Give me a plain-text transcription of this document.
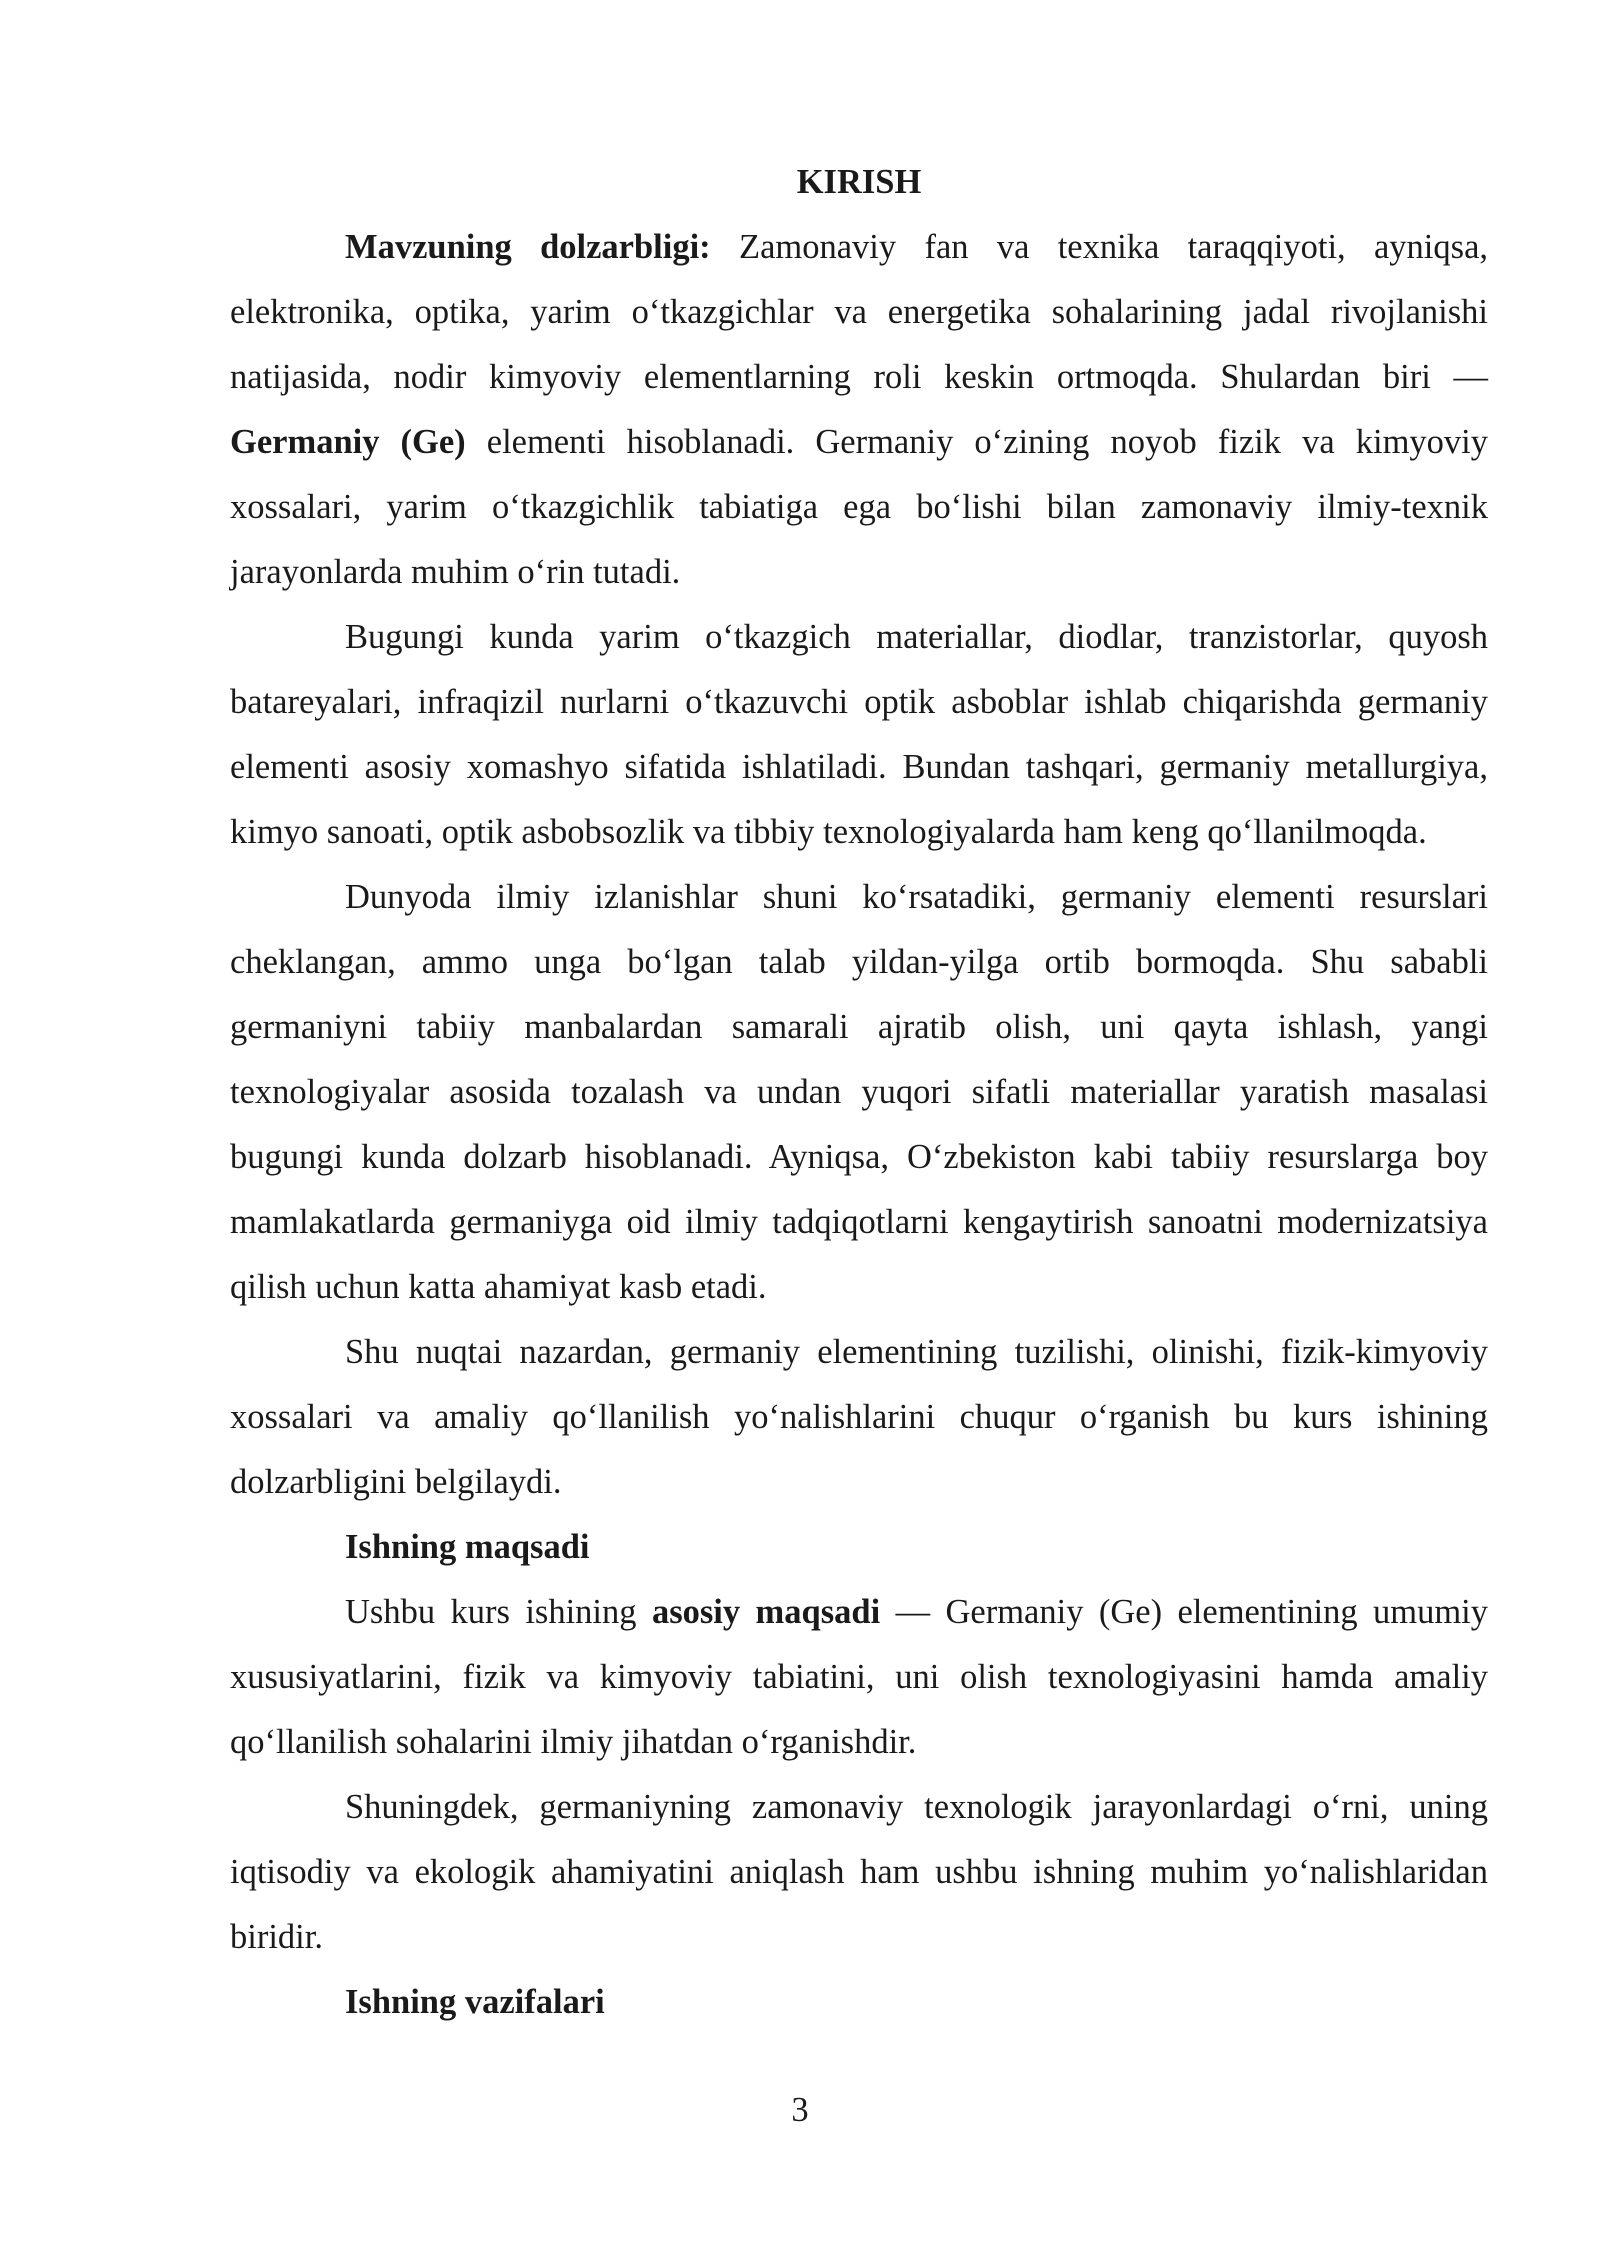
KIRISH

Mavzuning dolzarbligi: Zamonaviy fan va texnika taraqqiyoti, ayniqsa, elektronika, optika, yarim o‘tkazgichlar va energetika sohalarining jadal rivojlanishi natijasida, nodir kimyoviy elementlarning roli keskin ortmoqda. Shulardan biri — Germaniy (Ge) elementi hisoblanadi. Germaniy o‘zining noyob fizik va kimyoviy xossalari, yarim o‘tkazgichlik tabiatiga ega bo‘lishi bilan zamonaviy ilmiy-texnik jarayonlarda muhim o‘rin tutadi.

Bugungi kunda yarim o‘tkazgich materiallar, diodlar, tranzistorlar, quyosh batareyalari, infraqizil nurlarni o‘tkazuvchi optik asboblar ishlab chiqarishda germaniy elementi asosiy xomashyo sifatida ishlatiladi. Bundan tashqari, germaniy metallurgiya, kimyo sanoati, optik asbobsozlik va tibbiy texnologiyalarda ham keng qo‘llanilmoqda.

Dunyoda ilmiy izlanishlar shuni ko‘rsatadiki, germaniy elementi resurslari cheklangan, ammo unga bo‘lgan talab yildan-yilga ortib bormoqda. Shu sababli germaniyni tabiiy manbalardan samarali ajratib olish, uni qayta ishlash, yangi texnologiyalar asosida tozalash va undan yuqori sifatli materiallar yaratish masalasi bugungi kunda dolzarb hisoblanadi. Ayniqsa, O‘zbekiston kabi tabiiy resurslarga boy mamlakatlarda germaniyga oid ilmiy tadqiqotlarni kengaytirish sanoatni modernizatsiya qilish uchun katta ahamiyat kasb etadi.

Shu nuqtai nazardan, germaniy elementining tuzilishi, olinishi, fizik-kimyoviy xossalari va amaliy qo‘llanilish yo‘nalishlarini chuqur o‘rganish bu kurs ishining dolzarbligini belgilaydi.

Ishning maqsadi

Ushbu kurs ishining asosiy maqsadi — Germaniy (Ge) elementining umumiy xususiyatlarini, fizik va kimyoviy tabiatini, uni olish texnologiyasini hamda amaliy qo‘llanilish sohalarini ilmiy jihatdan o‘rganishdir.

Shuningdek, germaniyning zamonaviy texnologik jarayonlardagi o‘rni, uning iqtisodiy va ekologik ahamiyatini aniqlash ham ushbu ishning muhim yo‘nalishlaridan biridir.

Ishning vazifalari

3
